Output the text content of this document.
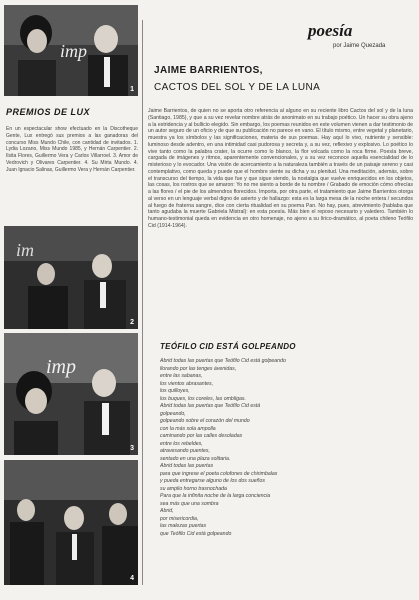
imp
1
PREMIOS DE LUX
En un espectacular show efectuado en la Discotheque Gente, Lux entregó sus premios a las ganadoras del concurso Miss Mundo Chile, con cantidad de invitados. 1. Lydia Lozano, Miss Mundo 1985, y Hernán Carpentier. 2. Ilsita Flores, Guillermo Vera y Carlos Villarroel. 3. Amor de Vedrovich y Olivares Carpentier. 4. Su Mirta Mundo. 4. Juan Ignacio Salinas, Guillermo Vera y Hernán Carpentier.
im
2
imp
3
4
poesía
por Jaime Quezada
JAIME BARRIENTOS,
CACTOS DEL SOL Y DE LA LUNA
Jaime Barrientos, de quien no se aporta otro referencia al alguno en su reciente libro Cactos del sol y de la luna (Santiago, 1985), y que a su vez revelar nombre atrás de anonimato en su trabajo poético. Un hacer su obra ajeno a la estridencia y al bullicio elegido. Sin embargo, los poemas reunidos en este volumen vienen a dar testimonio de un autor seguro de un oficio y de que su publicación no parece en vano. El título mismo, entre vegetal y planetario, muestra ya los símbolos y las significaciones, materia de sus poemas. Hay aquí lo vivo, nutriente y sensible: luminoso desde adentro, en una intimidad casi pudorosa y secreta y, a su vez, reflexivo y explosivo. Lo poético lo vive tanto como la palabra crater, la ocurre como lo blanco, la flor volcada como la roca firme. Poesía breve, cargada de imágenes y ritmos, aparentemente convencionales, y a su vez reconoce aquella esencialidad de lo misterioso y lo evocador. Una visión de acercamiento a la naturaleza también a través de un paisaje sereno y casi contemplativo, como queda y puede que el hombre siente su dicha y su plenitud. Una meditación, además, sobre el transcurso del tiempo, la vida que fue y que sigue siendo, la nostalgia que vuelve enriquecidos en los objetos, las cosas, los rostros que se amaron: Yo no me siento a borde de tu nombre / Grabado de emoción cómo ofrecías a las flores / el pie de los almendros florecidos. Importa, por otra parte, el tratamiento que Jaime Barrientos otorga al verso en un lenguaje verbal digno de asierto y de hallazgo: esta es la larga mesa de la noche entera / secundos al fuego de fraterna sangre, dice con cierta ritualidad en su poema Pan. No hay, pues, atrevimiento (hablaba que tanto agudaba la muerte Gabriela Mistral): en esta poesía. Más bien el reposo necesario y valedero. También lo humano-testimonial queda en evidencia en otro homenaje, no ajeno a su lírico-dramático, al poeta chileno Teófilo Cid (1914-1964).
TEÓFILO CID ESTÁ GOLPEANDO
Abrid todas las puertas que Teófilo Cid está golpeando
llorando por las tenges ávenidas,
entre las sabanas,
los vientos abrasantes,
los quilloyes,
los buques, los coreles, las ombligas.
Abrid todas las puertas que Teófilo Cid está
golpeando,
golpeando sobre el corazón del mundo
con la más sola ampolla
caminando por las calles desoladas
entre los rebeldes,
atravesando puentes,
sentado en una plaza solitaria.
Abrid todas las puertas
para que ingrese el poeta colofones de chirimbalas
y pueda entregarse alguno de los dos sueños
su amplio horno trasnochada
Para que la infinita noche de la larga conciencia
sea más que una sombra
Abrid,
por misericordia,
las malezas puertas
que Teófilo Cid está golpeando
